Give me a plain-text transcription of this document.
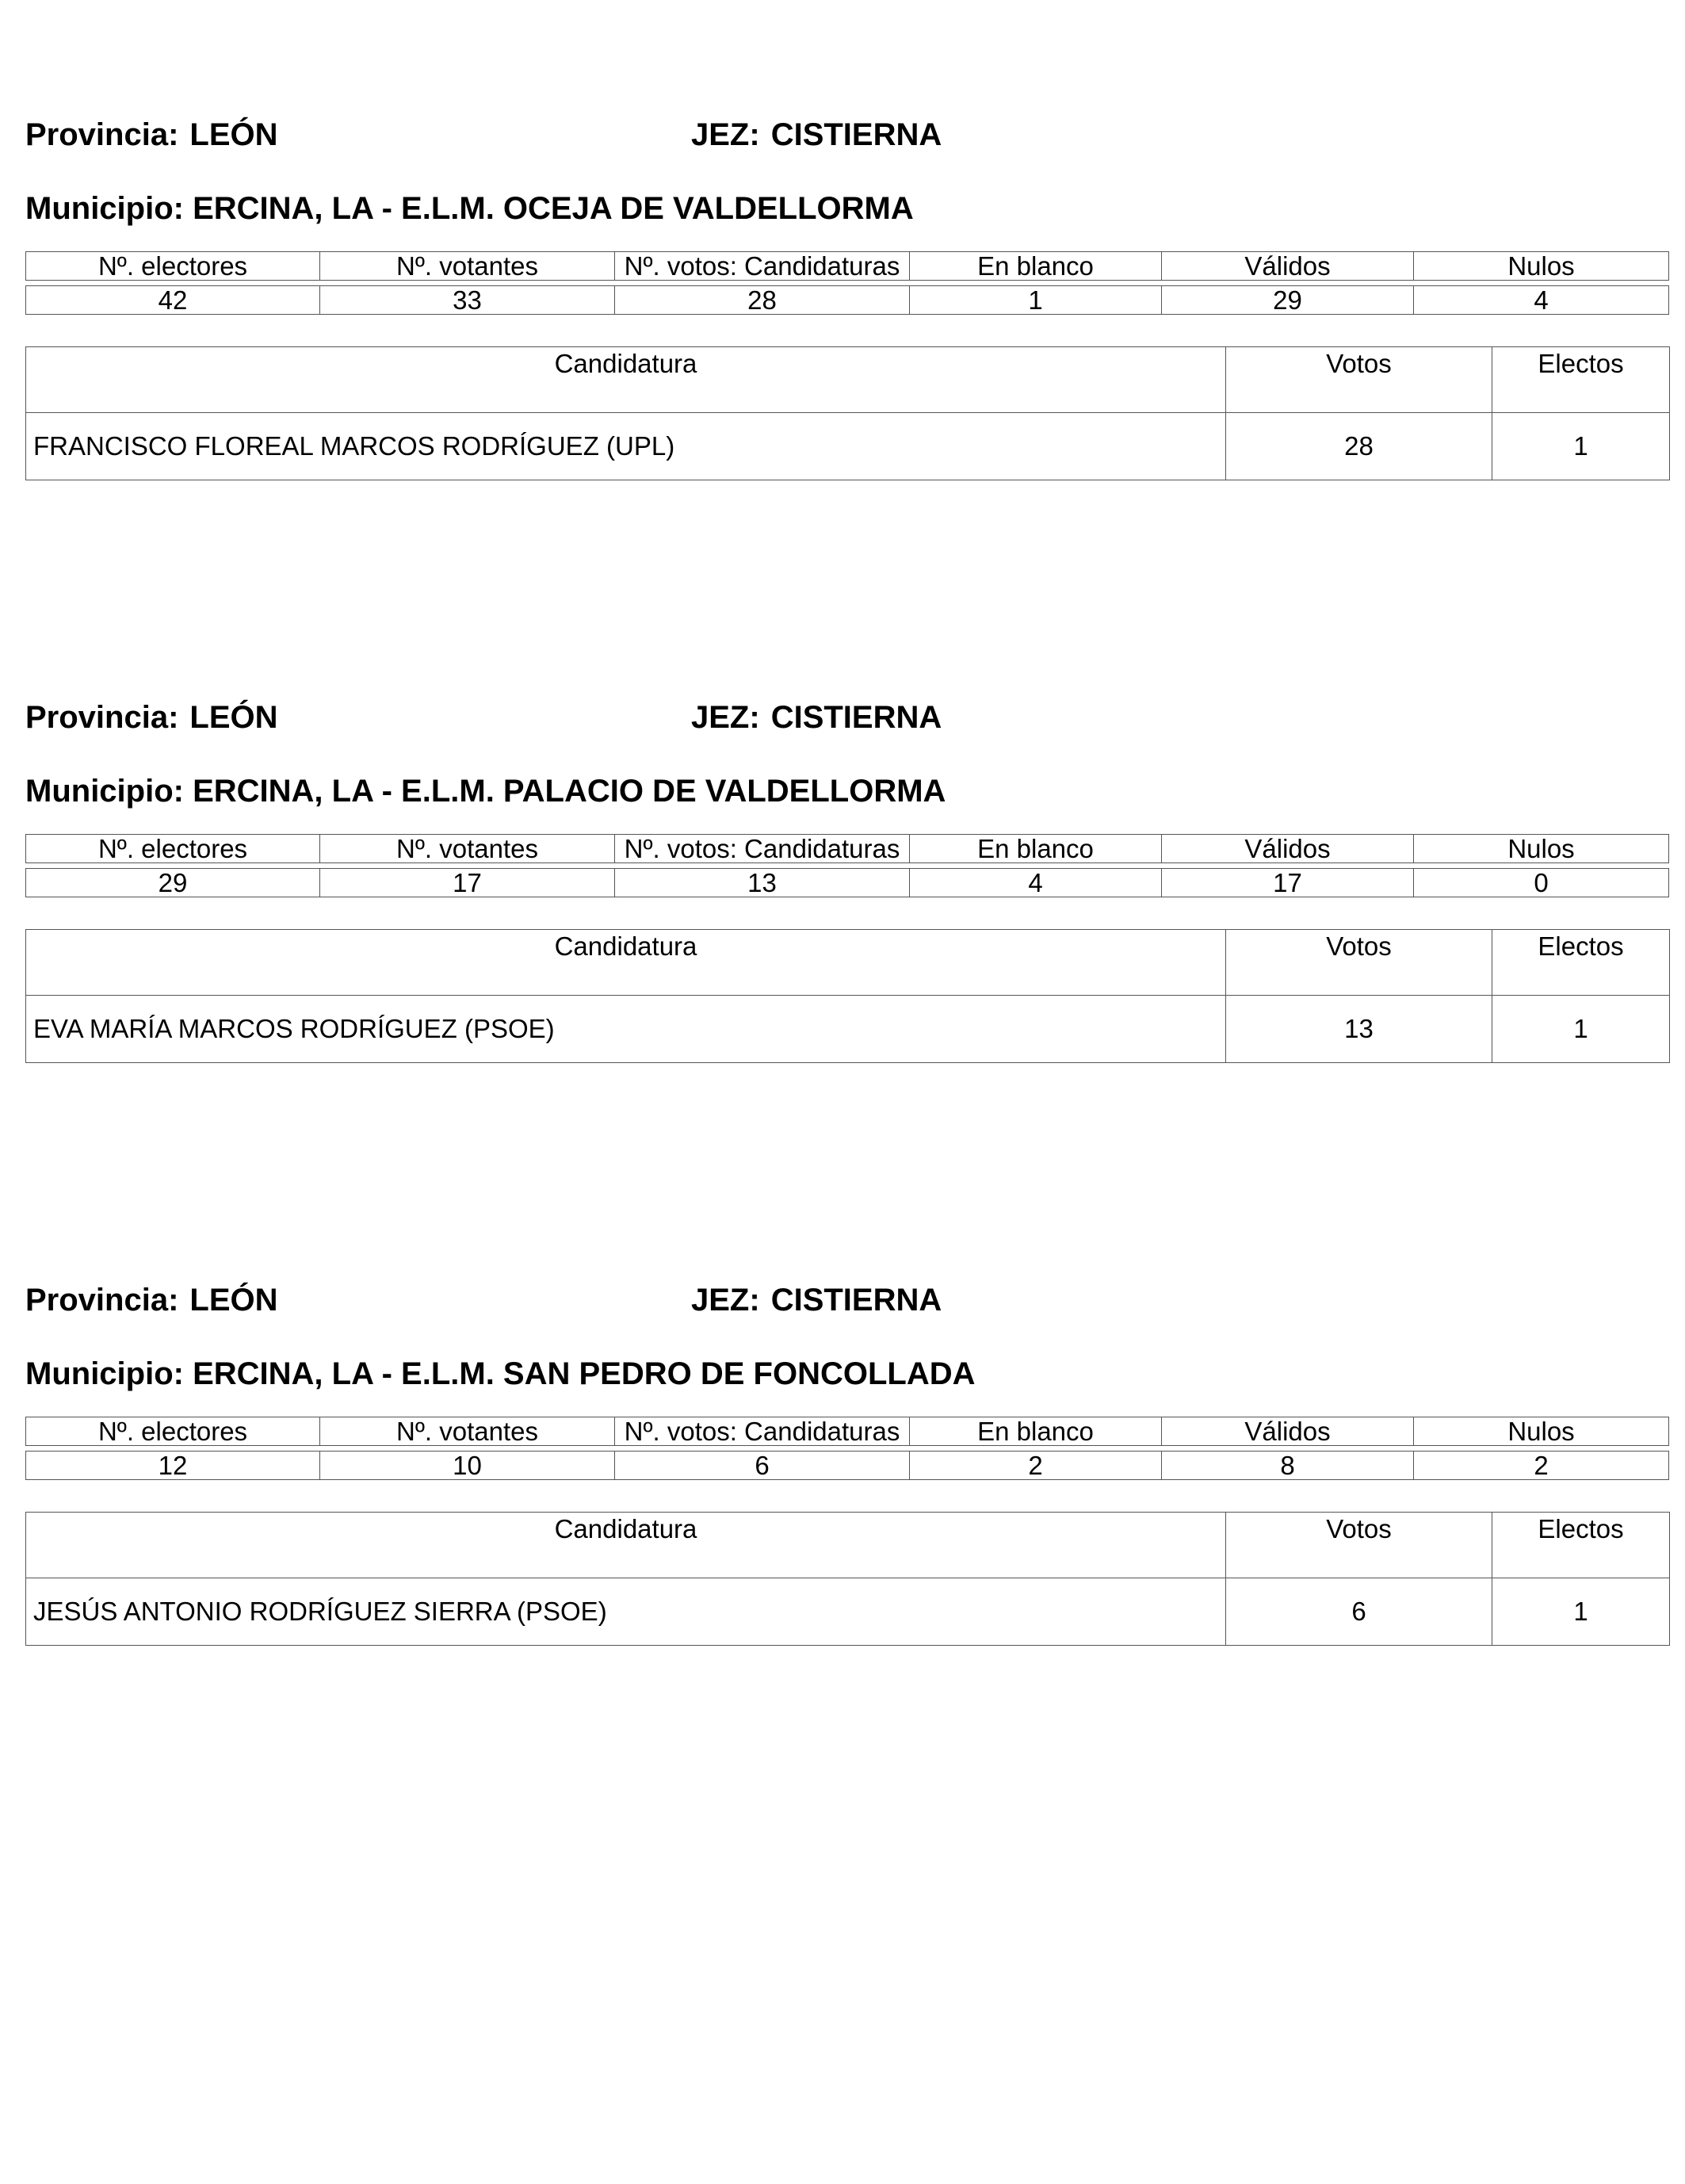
Provincia: LEÓN	JEZ: CISTIERNA
Municipio: ERCINA, LA - E.L.M. OCEJA DE VALDELLORMA
Nº. electores	Nº. votantes	Nº. votos: Candidaturas	En blanco	Válidos	Nulos
42	33	28	1	29	4
Candidatura	Votos	Electos
FRANCISCO FLOREAL MARCOS RODRÍGUEZ (UPL)	28	1
Provincia: LEÓN	JEZ: CISTIERNA
Municipio: ERCINA, LA - E.L.M. PALACIO DE VALDELLORMA
Nº. electores	Nº. votantes	Nº. votos: Candidaturas	En blanco	Válidos	Nulos
29	17	13	4	17	0
Candidatura	Votos	Electos
EVA MARÍA MARCOS RODRÍGUEZ (PSOE)	13	1
Provincia: LEÓN	JEZ: CISTIERNA
Municipio: ERCINA, LA - E.L.M. SAN PEDRO DE FONCOLLADA
Nº. electores	Nº. votantes	Nº. votos: Candidaturas	En blanco	Válidos	Nulos
12	10	6	2	8	2
Candidatura	Votos	Electos
JESÚS ANTONIO RODRÍGUEZ SIERRA (PSOE)	6	1
